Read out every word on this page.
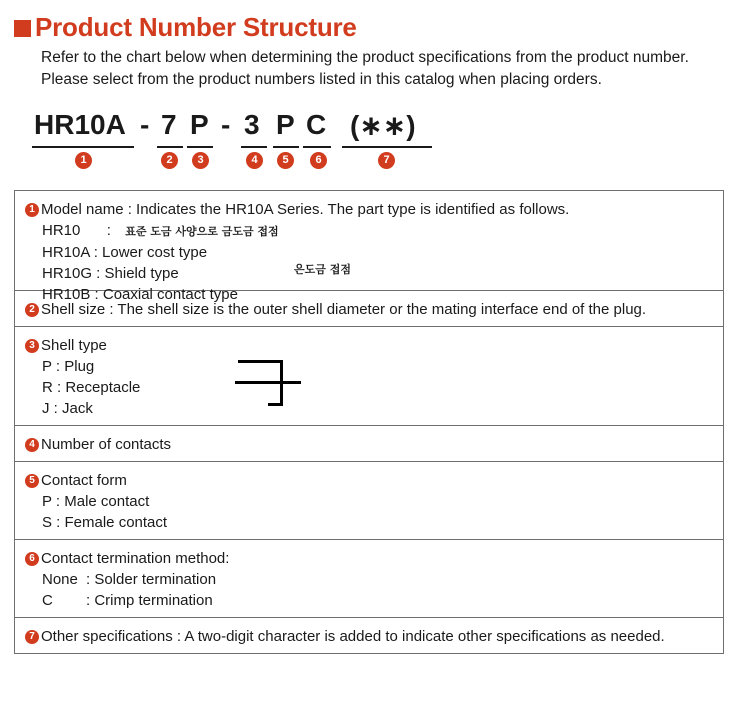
Product Number Structure
Refer to the chart below when determining the product specifications from the product number.
Please select from the product numbers listed in this catalog when placing orders.
HR10A
1
- 7
2
P
3
- 3
4
P
5
C
6
(∗∗)
7
1 Model name : Indicates the HR10A Series. The part type is identified as follows.
HR10 : 표준 도금 사양으로 금도금 접점
HR10A : Lower cost type
HR10G : Shield type
HR10B : Coaxial contact type
은도금 접점
2 Shell size : The shell size is the outer shell diameter or the mating interface end of the plug.
3 Shell type
P : Plug
R : Receptacle
J : Jack
4 Number of contacts
5 Contact form
P : Male contact
S : Female contact
6 Contact termination method:
None : Solder termination
C : Crimp termination
7 Other specifications : A two-digit character is added to indicate other specifications as needed.
